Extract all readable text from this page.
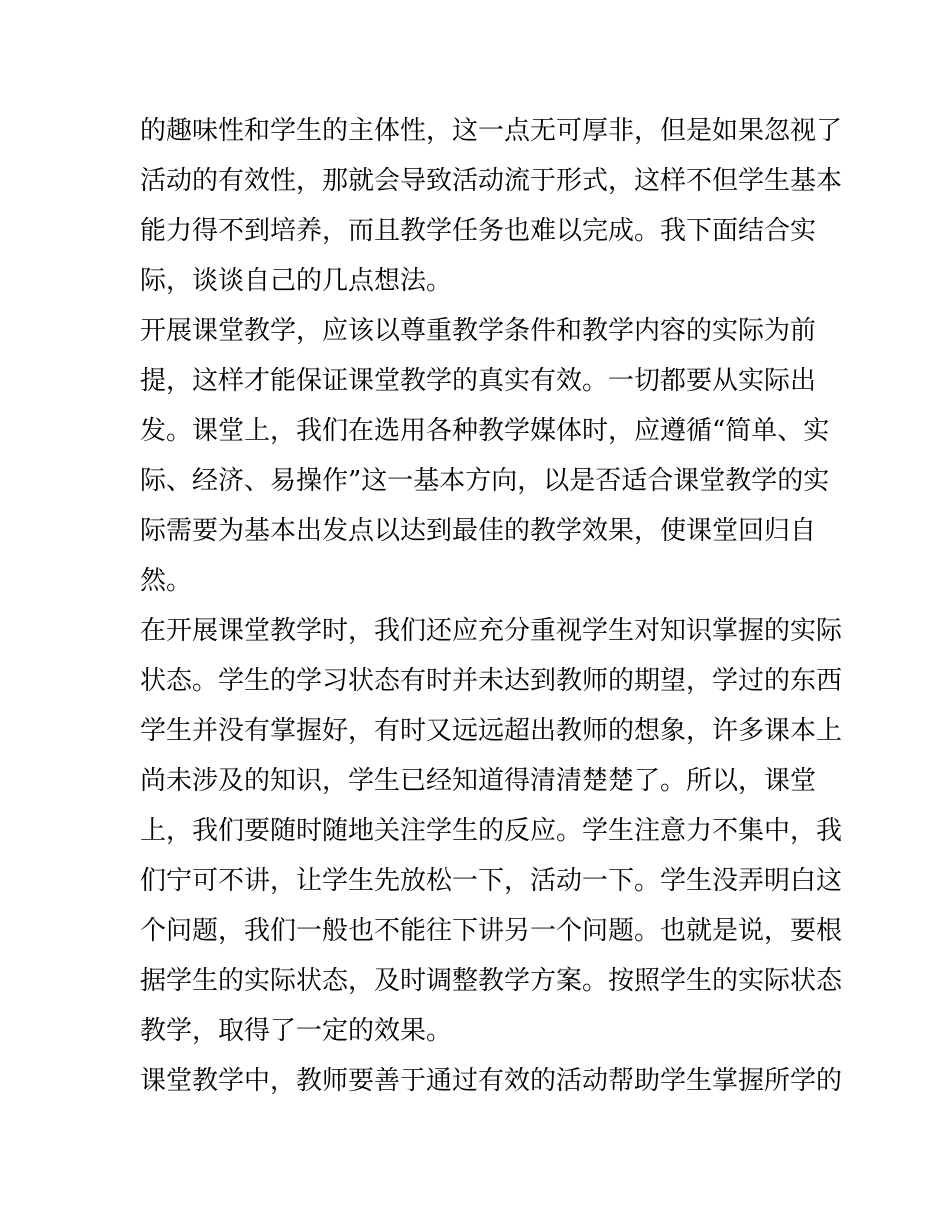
的趣味性和学生的主体性，这一点无可厚非，但是如果忽视了
活动的有效性，那就会导致活动流于形式，这样不但学生基本
能力得不到培养，而且教学任务也难以完成。我下面结合实
际，谈谈自己的几点想法。
开展课堂教学，应该以尊重教学条件和教学内容的实际为前
提，这样才能保证课堂教学的真实有效。一切都要从实际出
发。课堂上，我们在选用各种教学媒体时，应遵循“简单、实
际、经济、易操作”这一基本方向，以是否适合课堂教学的实
际需要为基本出发点以达到最佳的教学效果，使课堂回归自
然。
在开展课堂教学时，我们还应充分重视学生对知识掌握的实际
状态。学生的学习状态有时并未达到教师的期望，学过的东西
学生并没有掌握好，有时又远远超出教师的想象，许多课本上
尚未涉及的知识，学生已经知道得清清楚楚了。所以，课堂
上，我们要随时随地关注学生的反应。学生注意力不集中，我
们宁可不讲，让学生先放松一下，活动一下。学生没弄明白这
个问题，我们一般也不能往下讲另一个问题。也就是说，要根
据学生的实际状态，及时调整教学方案。按照学生的实际状态
教学，取得了一定的效果。
课堂教学中，教师要善于通过有效的活动帮助学生掌握所学的
